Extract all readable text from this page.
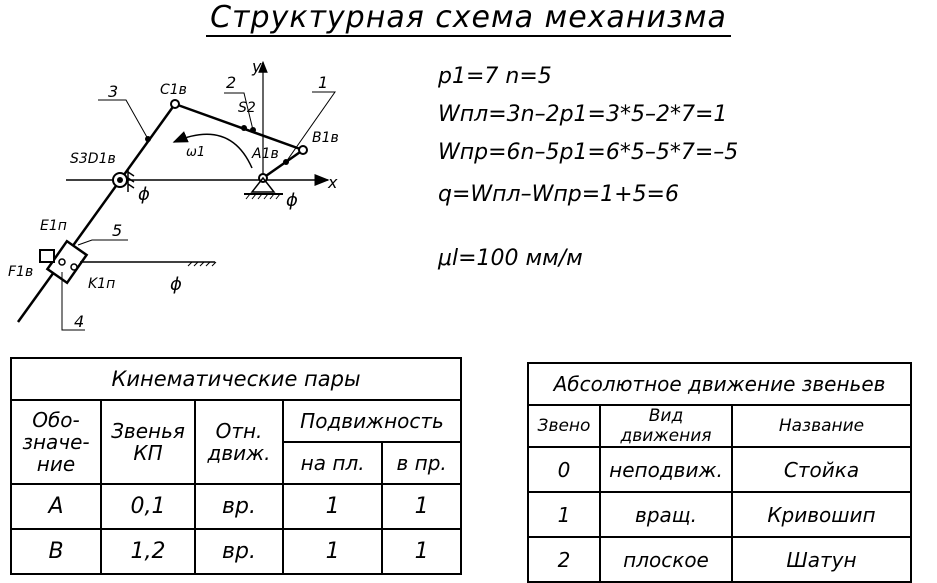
Структурная схема механизма
3	C1в 2
S2
y
1
B1в
A1в
ω1
S3D1в
ϕ	ϕ
x
E1п	5
F1в
K1п	ϕ
4
p1=7 n=5
Wпл=3n–2p1=3*5–2*7=1
Wпр=6n–5p1=6*5–5*7=–5
q=Wпл–Wпр=1+5=6
μl=100 мм/м
Кинематические пары				
Обо-значе-ние	Звенья КП	Отн. движ.	Подвижность	
			на пл.	в пр.
A	0,1	вр.	1	1
B	1,2	вр.	1	1
Абсолютное движение звеньев		
Звено	Вид движения	Название
0	неподвиж.	Стойка
1	вращ.	Кривошип
2	плоское	Шатун
